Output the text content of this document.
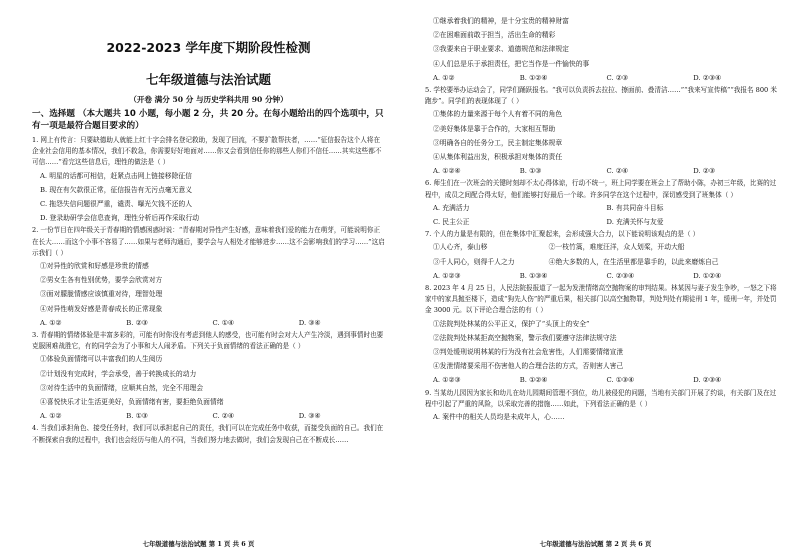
2022-2023 学年度下期阶段性检测

七年级道德与法治试题

（开卷 满分 50 分 与历史学科共用 90 分钟）

一、选择题 （本大题共 10 小题，每小题 2 分，共 20 分。在每小题给出的四个选项中，只有一项是最符合题目要求的）

1. 网上有传言：只要缺德助人就能上红十字会排名登记救助，发现了回流，不要扩散帮扶者，……“征信报告这个人将在企业社会信用的基本情况，我们不救急，你需要好好地面对……你又会看到信任你的那些人你们不信任……其实这些都不可信……”看完这些信息后，理性的做法是（ ）

A. 明星的话都可相信，赶紧点击网上链接移除征信

B. 现在有欠款很正常，征信报告有无污点毫无意义

C. 拖怨失信问题很严重，谴责、曝光欠钱不还的人

D. 登录助研学会信息查询，理性分析后再作采取行动

2. 一份节目在四年级关于青春期的情感困惑时说：“青春期对异性产生好感，意味着我们爱的能力在萌芽，可能说明你正在长大……而这个小事不容易了……如果与老师沟通后，要学会与人相处才能够进步……这不会影响我们的学习……”这启示我们（ ）

①对异性的欣赏和好感是珍贵的情感

②男女生各有性别优势，要学会欣赏对方

③面对朦胧情感应该慎重对待，理智处理

④对异性萌发好感是青春成长的正常现象

A. ①②	B. ②③	C. ①④	D. ③④

3. 青春期的情绪体验是丰富多彩的，可能有时你没有考虑到他人的感受，也可能有时会对大人产生冷淡，遇到事情时也要克服困难战胜它，有的同学会为了小事和大人闹矛盾。下列关于负面情绪的看法正确的是（ ）

①体验负面情绪可以丰富我们的人生阅历

②计划没有完成时，学会承受，善于转换成长的动力

③对待生活中的负面情绪，应顺其自然，完全不用理会

④喜悦快乐才让生活更美好，负面情绪有害，要拒绝负面情绪

A. ①②	B. ①③	C. ②④	D. ③④

4. 当我们承担角色、接受任务时，我们可以承担起自己的责任，我们可以在完成任务中收获，而接受负面的自己。我们在不断探索自我的过程中，我们也会经历与他人的不同，当我们努力地去做时，我们会发现自己在不断成长……

七年级道德与法治试题 第 1 页 共 6 页

①继承着我们的精神，是十分宝贵的精神财富

②在困难面前敢于担当，活出生命的精彩

③我要来自于职业要求、道德规范和法律规定

④人们总是乐于承担责任，把它当作是一件愉快的事

A. ①②	B. ①②④	C. ②③	D. ②③④

5. 学校要举办运动会了，同学们踊跃报名。“我可以负责拆去拉拉、擦面前、叠清洁……”“我来写宣传稿”“我报名 800 米跑步”。同学们的表现体现了（ ）

①集体的力量来源于每个人有着不同的角色

②美好集体是靠于合作的，大家相互帮助

③明确各自的任务分工，民主制定集体规章

④从集体利益出发，积极承担对集体的责任

A. ①②④	B. ①③	C. ②④	D. ②③

6. 师生们在一次班会的关键时刻却不太心得体谅，行动不统一，班上同学要在班会上了帮助小陈，办初三年级，比赛的过程中，成员之间配合得太好，他们能够打好最后一个球。许多同学在这个过程中，深切感受到了班集体（ ）

A. 充满活力	B. 有共同奋斗目标
C. 民主公正	D. 充满关怀与友爱

7. 个人的力量是有限的，但在集体中汇聚起来，会形成强大合力，以下能说明该观点的是（ ）

①人心齐，泰山移	②一枝竹篙，难度汪洋，众人划桨，开动大船
③千人同心，则得千人之力	④绝大多数的人，在生活里都是靠手的，以此来磨炼自己
A. ①②③	B. ①③④	C. ②③④	D. ①②④

8. 2023 年 4 月 25 日，人民法院报报道了一起为发泄情绪高空抛物案的审判结果。林某因与妻子发生争吵，一怒之下将家中的家具抛至楼下，造成“狗先人伤”的严重后果，相关部门以高空抛物罪，判处判处有期徒刑 1 年，缓刑一年，并处罚金 3000 元。以下评论合理合法的有（ ）

①法院判处林某的公平正义，保护了“头顶上的安全”

②法院判处林某拒高空抛物案，警示我们要遵守法律法规守法

③判处缓刑说明林某的行为没有社会危害性，人们需要情绪宣泄

④发泄情绪要采用不伤害他人的合理合法的方式，否则害人害己

A. ①②③	B. ①②④	C. ①③④	D. ②③④

9. 当某幼儿园因为家长和幼儿在幼儿园期间管理不到位，幼儿被侵犯的问题，当地有关部门开展了约谈，有关部门及在过程中引起了严重的风险，以采取完善的措施……如此，下列看法正确的是（ ）

A. 案件中的相关人员均是未成年人，心……

七年级道德与法治试题 第 2 页 共 6 页
